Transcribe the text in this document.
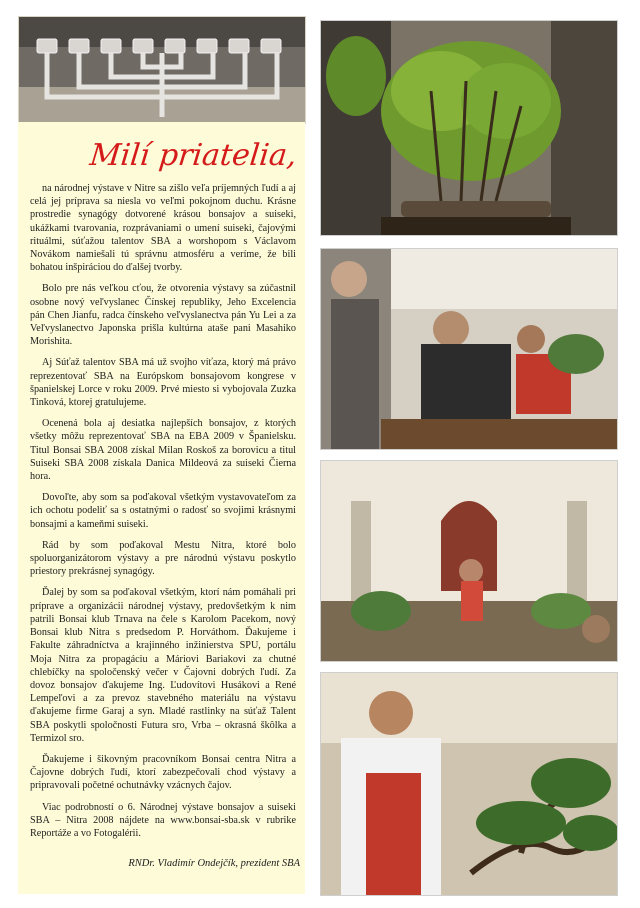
Milí priatelia,

na národnej výstave v Nitre sa zišlo veľa príjemných ľudí a aj celá jej príprava sa niesla vo veľmi pokojnom duchu. Krásne prostredie synagógy dotvorené krásou bonsajov a suiseki, ukážkami tvarovania, rozprávaniami o umení suiseki, čajovými rituálmi, súťažou talentov SBA a worshopom s Václavom Novákom namiešali tú správnu atmosféru a veríme, že bili bohatou inšpiráciou do ďalšej tvorby.

Bolo pre nás veľkou cťou, že otvorenia výstavy sa zúčastnil osobne nový veľvyslanec Čínskej republiky, Jeho Excelencia pán Chen Jianfu, radca čínskeho veľvyslanectva pán Yu Lei a za Veľvyslanectvo Japonska prišla kultúrna ataše pani Masahiko Morishita.

Aj Súťaž talentov SBA má už svojho víťaza, ktorý má právo reprezentovať SBA na Európskom bonsajovom kongrese v španielskej Lorce v roku 2009. Prvé miesto si vybojovala Zuzka Tinková, ktorej gratulujeme.

Ocenená bola aj desiatka najlepších bonsajov, z ktorých všetky môžu reprezentovať SBA na EBA 2009 v Španielsku. Titul Bonsai SBA 2008 získal Milan Roskoš za borovicu a titul Suiseki SBA 2008 získala Danica Mildeová za suiseki Čierna hora.

Dovoľte, aby som sa poďakoval všetkým vystavovateľom za ich ochotu podeliť sa s ostatnými o radosť so svojimi krásnymi bonsajmi a kameňmi suiseki.

Rád by som poďakoval Mestu Nitra, ktoré bolo spoluorganizátorom výstavy a pre národnú výstavu poskytlo priestory prekrásnej synagógy.

Ďalej by som sa poďakoval všetkým, ktorí nám pomáhali pri príprave a organizácii národnej výstavy, predovšetkým k nim patrili Bonsai klub Trnava na čele s Karolom Pacekom, nový Bonsai klub Nitra s predsedom P. Horváthom. Ďakujeme i Fakulte záhradníctva a krajinného inžinierstva SPU, portálu Moja Nitra za propagáciu a Máriovi Bariakovi za chutné chlebíčky na spoločenský večer v Čajovni dobrých ľudí. Za dovoz bonsajov ďakujeme Ing. Ľudovítovi Husákovi a René Lempeľovi a za prevoz stavebného materiálu na výstavu ďakujeme firme Garaj a syn. Mladé rastlinky na súťaž Talent SBA poskytli spoločnosti Futura sro, Vrba – okrasná škôlka a Termizol sro.

Ďakujeme i šikovným pracovníkom Bonsai centra Nitra a Čajovne dobrých ľudí, ktorí zabezpečovali chod výstavy a pripravovali početné ochutnávky vzácnych čajov.

Viac podrobností o 6. Národnej výstave bonsajov a suiseki SBA – Nitra 2008 nájdete na www.bonsai-sba.sk v rubrike Reportáže a vo Fotogalérii.

RNDr. Vladimír Ondejčík, prezident SBA
